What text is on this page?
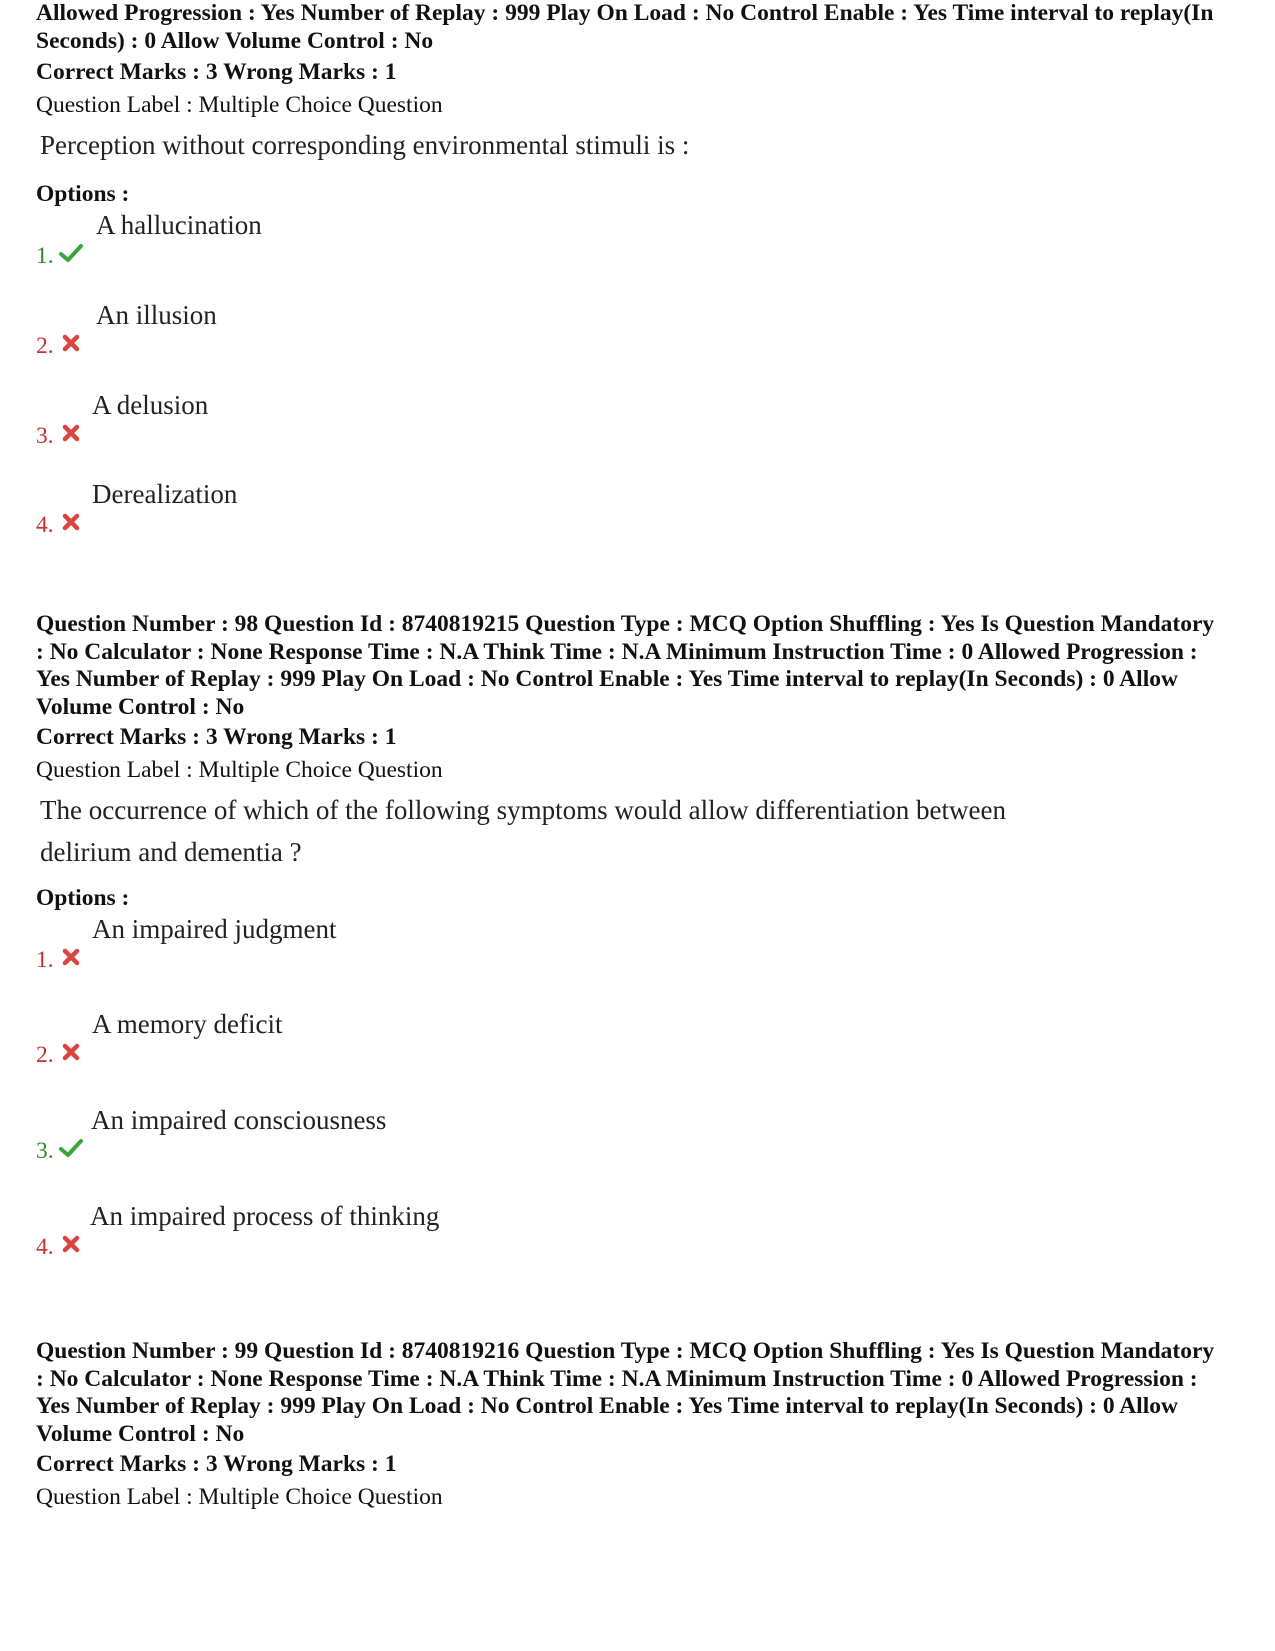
Allowed Progression : Yes Number of Replay : 999 Play On Load : No Control Enable : Yes Time interval to replay(In Seconds) : 0 Allow Volume Control : No
Correct Marks : 3 Wrong Marks : 1
Question Label : Multiple Choice Question
Perception without corresponding environmental stimuli is :
Options :
1.
A hallucination
2.
An illusion
3.
A delusion
4.
Derealization
Question Number : 98 Question Id : 8740819215 Question Type : MCQ Option Shuffling : Yes Is Question Mandatory : No Calculator : None Response Time : N.A Think Time : N.A Minimum Instruction Time : 0 Allowed Progression : Yes Number of Replay : 999 Play On Load : No Control Enable : Yes Time interval to replay(In Seconds) : 0 Allow Volume Control : No
Correct Marks : 3 Wrong Marks : 1
Question Label : Multiple Choice Question
The occurrence of which of the following symptoms would allow differentiation between delirium and dementia ?
Options :
1.
An impaired judgment
2.
A memory deficit
3.
An impaired consciousness
4.
An impaired process of thinking
Question Number : 99 Question Id : 8740819216 Question Type : MCQ Option Shuffling : Yes Is Question Mandatory : No Calculator : None Response Time : N.A Think Time : N.A Minimum Instruction Time : 0 Allowed Progression : Yes Number of Replay : 999 Play On Load : No Control Enable : Yes Time interval to replay(In Seconds) : 0 Allow Volume Control : No
Correct Marks : 3 Wrong Marks : 1
Question Label : Multiple Choice Question
